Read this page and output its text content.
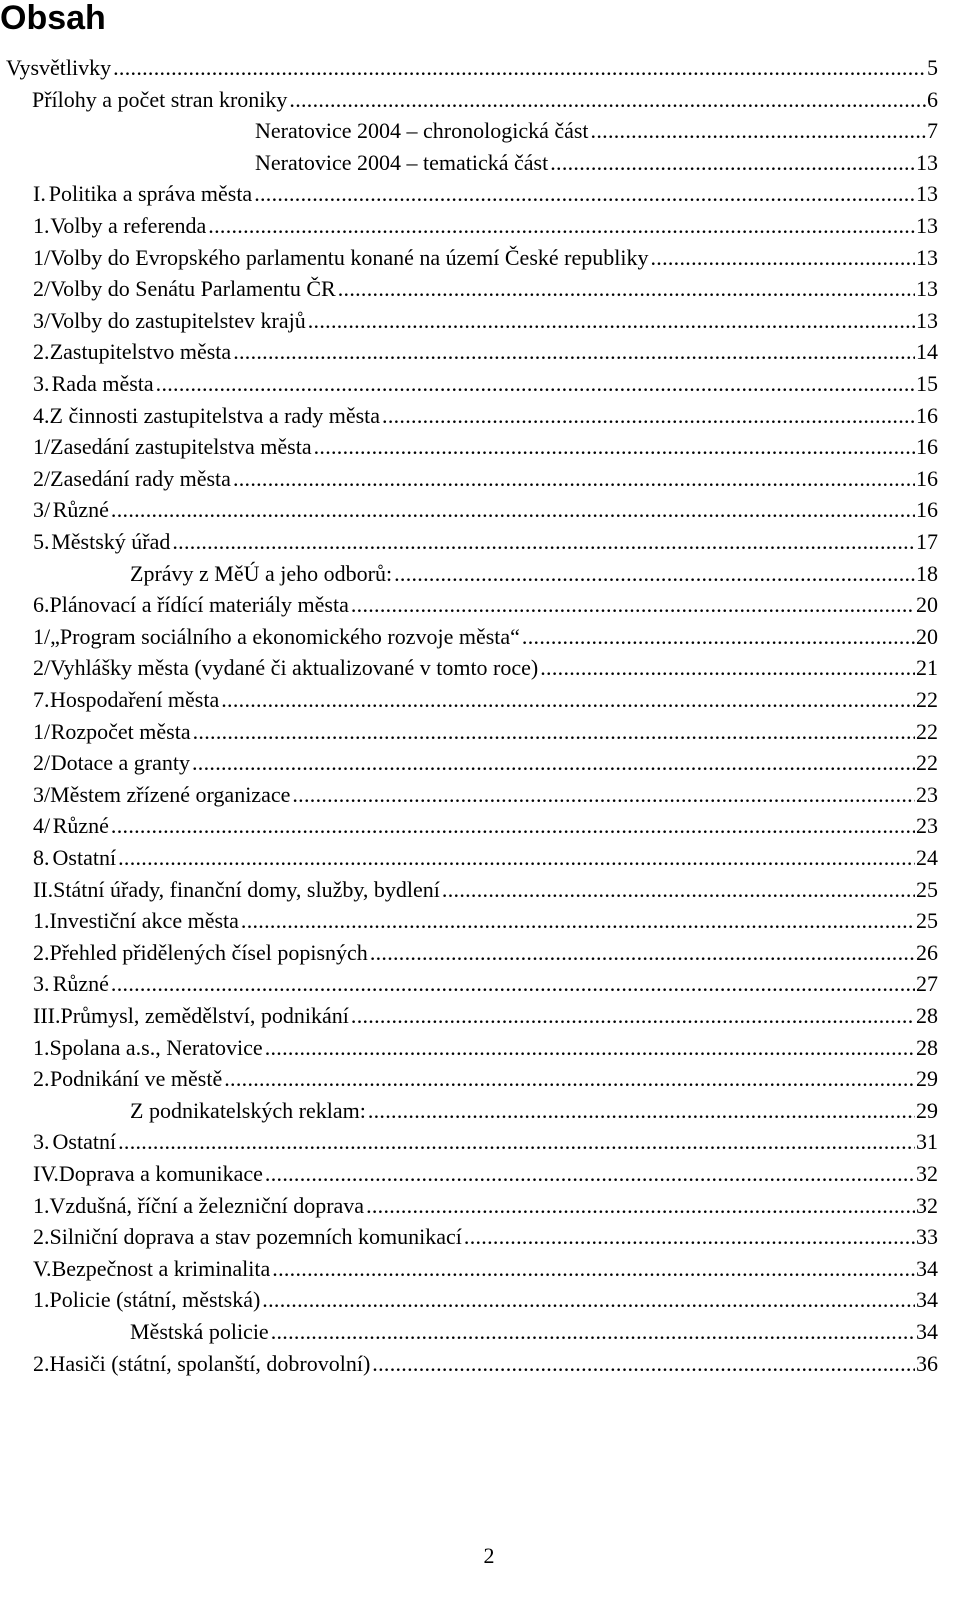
Obsah
Vysvětlivky .....	5
Přílohy a počet stran kroniky .....	6
Neratovice 2004 – chronologická část .....	7
Neratovice 2004 – tematická část .....	13
I. Politika a správa města .....	13
1. Volby a referenda .....	13
1/ Volby do Evropského parlamentu konané na území České republiky .....	13
2/ Volby do Senátu Parlamentu ČR .....	13
3/ Volby do zastupitelstev krajů .....	13
2. Zastupitelstvo města .....	14
3. Rada města .....	15
4. Z činnosti zastupitelstva a rady města .....	16
1/ Zasedání zastupitelstva města .....	16
2/ Zasedání rady města .....	16
3/ Různé .....	16
5. Městský úřad .....	17
Zprávy z MěÚ a jeho odborů: .....	18
6. Plánovací a řídící materiály města .....	20
1/ „Program sociálního a ekonomického rozvoje města“ .....	20
2/ Vyhlášky města (vydané či aktualizované v tomto roce) .....	21
7. Hospodaření města .....	22
1/ Rozpočet města .....	22
2/ Dotace a granty .....	22
3/ Městem zřízené organizace .....	23
4/ Různé .....	23
8. Ostatní .....	24
II. Státní úřady, finanční domy, služby, bydlení .....	25
1. Investiční akce města .....	25
2. Přehled přidělených čísel popisných .....	26
3. Různé .....	27
III. Průmysl, zemědělství, podnikání .....	28
1. Spolana a.s., Neratovice .....	28
2. Podnikání ve městě .....	29
Z podnikatelských reklam: .....	29
3. Ostatní .....	31
IV. Doprava a komunikace .....	32
1. Vzdušná, říční a železniční doprava .....	32
2. Silniční doprava a stav pozemních komunikací .....	33
V. Bezpečnost a kriminalita .....	34
1. Policie (státní, městská) .....	34
Městská policie .....	34
2. Hasiči (státní, spolanští, dobrovolní) .....	36
2
